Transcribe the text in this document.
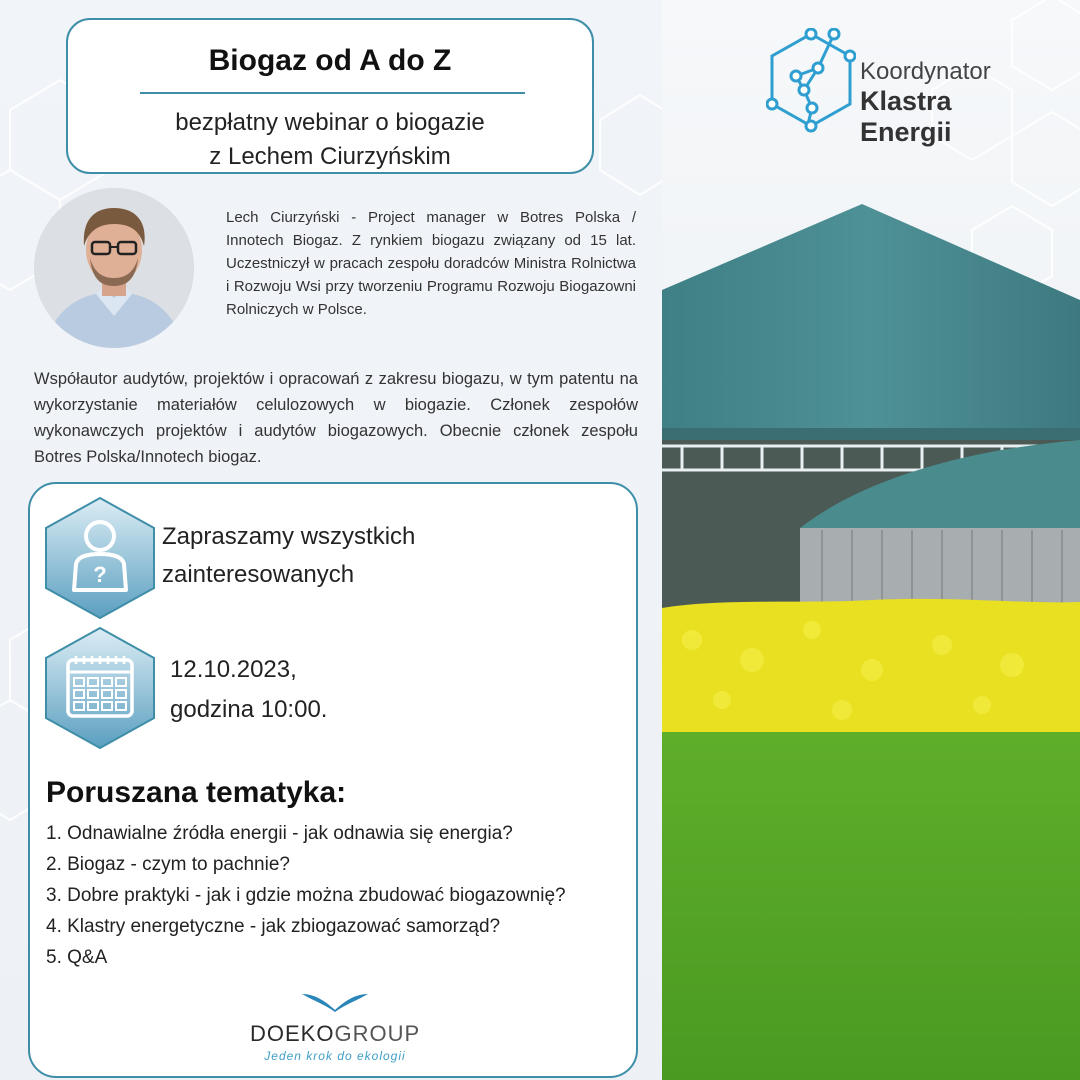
Biogaz od A do Z
bezpłatny webinar o biogazie
z Lechem Ciurzyńskim
Lech Ciurzyński - Project manager w Botres Polska / Innotech Biogaz. Z rynkiem biogazu związany od 15 lat. Uczestniczył w pracach zespołu doradców Ministra Rolnictwa i Rozwoju Wsi przy tworzeniu Programu Rozwoju Biogazowni Rolniczych w Polsce.
Współautor audytów, projektów i opracowań z zakresu biogazu, w tym patentu na wykorzystanie materiałów celulozowych w biogazie. Członek zespołów wykonawczych projektów i audytów biogazowych. Obecnie członek zespołu Botres Polska/Innotech biogaz.
?
Zapraszamy wszystkich
zainteresowanych
12.10.2023,
godzina 10:00.
Poruszana tematyka:
1. Odnawialne źródła energii - jak odnawia się energia?
2. Biogaz - czym to pachnie?
3. Dobre praktyki - jak i gdzie można zbudować biogazownię?
4. Klastry energetyczne - jak zbiogazować samorząd?
5. Q&A
DOEKOGROUP
Jeden krok do ekologii
Koordynator
Klastra Energii
